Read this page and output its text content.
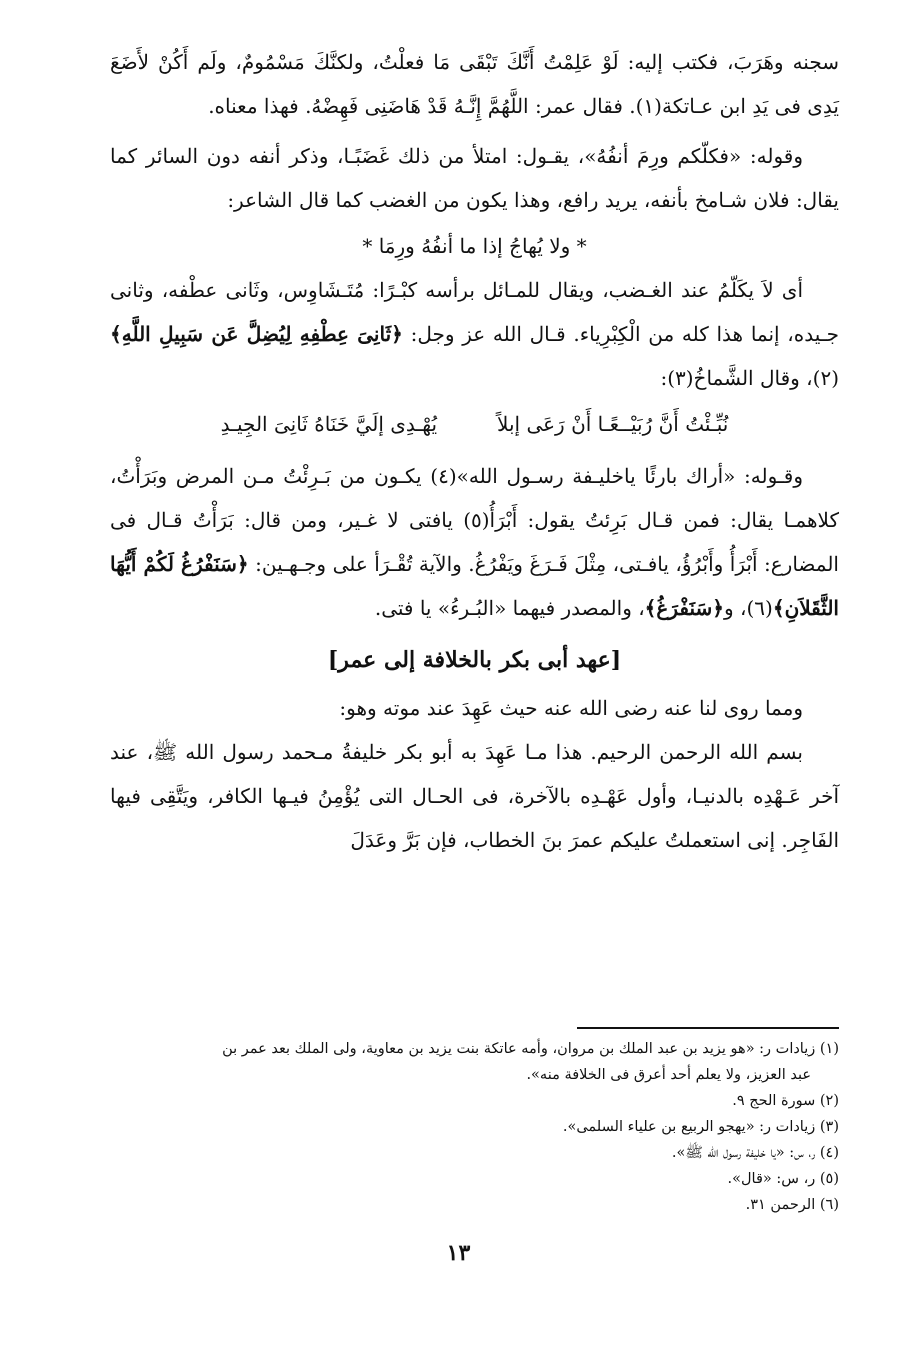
سجنه وهَرَبَ، فكتب إليه: لَوْ عَلِمْتُ أَنَّكَ تَبْقَى مَا فعلْتُ، ولكنَّكَ مَسْمُومٌ، ولَم أَكُنْ لأَضَعَ يَدِى فى يَدِ ابن عـاتكة(١). فقال عمر: اللَّهُمَّ إِنَّـهُ قَدْ هَاضَنِى فَهِضْهُ. فهذا معناه.

وقوله: «فكلّكم ورِمَ أنفُهُ»، يقـول: امتلأ من ذلك غَضَبًـا، وذكر أنفه دون السائر كما يقال: فلان شـامخ بأنفه، يريد رافع، وهذا يكون من الغضب كما قال الشاعر:

* ولا يُهاجُ إذا ما أنفُهُ ورِمَا *

أى لاَ يكَلّمُ عند الغـضب، ويقال للمـائل برأسه كبْـرًا: مُتَـشَاوِس، وثَانى عطْفه، وثانى جـيده، إنما هذا كله من الْكِبْرِياء. قـال الله عز وجل: ﴿ثَانِىَ عِطْفِهِ لِيُضِلَّ عَن سَبِيلِ اللَّهِ﴾(٢)، وقال الشَّماخُ(٣):

نُبِّـئْتُ أَنَّ رُبَيْــعًـا أَنْ رَعَى إبلاً
يُهْـدِى إلَيَّ خَنَاهُ ثَانِىَ الجِيـدِ

وقـوله: «أراك بارئًا ياخليـفة رسـول الله»(٤) يكـون من بَـرِئْتُ مـن المرض وبَرَأْتُ، كلاهمـا يقال: فمن قـال بَرِئتُ يقول: أَبْرَأُ(٥) يافتى لا غـير، ومن قال: بَرَأْتُ قـال فى المضارع: أَبْرَأُ وأَبْرُؤُ، يافـتى، مِثْلَ فَـرَغَ ويَفْرُغُ. والآية تُقْـرَأ على وجـهـين: ﴿سَنَفْرُغُ لَكُمْ أَيُّهَا الثَّقَلاَنِ﴾(٦)، و﴿سَنَفْرَغُ﴾، والمصدر فيهما «البُـرءُ» يا فتى.

[عهد أبى بكر بالخلافة إلى عمر]

ومما روى لنا عنه رضى الله عنه حيث عَهِدَ عند موته وهو:

بسم الله الرحمن الرحيم. هذا مـا عَهِدَ به أبو بكر خليفةُ مـحمد رسول الله ﷺ، عند آخر عَـهْدِه بالدنيـا، وأول عَهْـدِه بالآخرة، فى الحـال التى يُؤْمِنُ فيـها الكافر، ويَتَّقِى فيها الفَاجِر. إنى استعملتُ عليكم عمرَ بنَ الخطاب، فإن بَرَّ وعَدَلَ

(١) زيادات ر: «هو يزيد بن عبد الملك بن مروان، وأمه عاتكة بنت يزيد بن معاوية، ولى الملك بعد عمر بن

عبد العزيز، ولا يعلم أحد أعرق فى الخلافة منه».

(٢) سورة الحج ٩.

(٣) زيادات ر: «يهجو الربيع بن علياء السلمى».

(٤) ر، س: «يا خليفة رسول الله ﷺ».

(٥) ر، س: «قال».

(٦) الرحمن ٣١.

١٣
